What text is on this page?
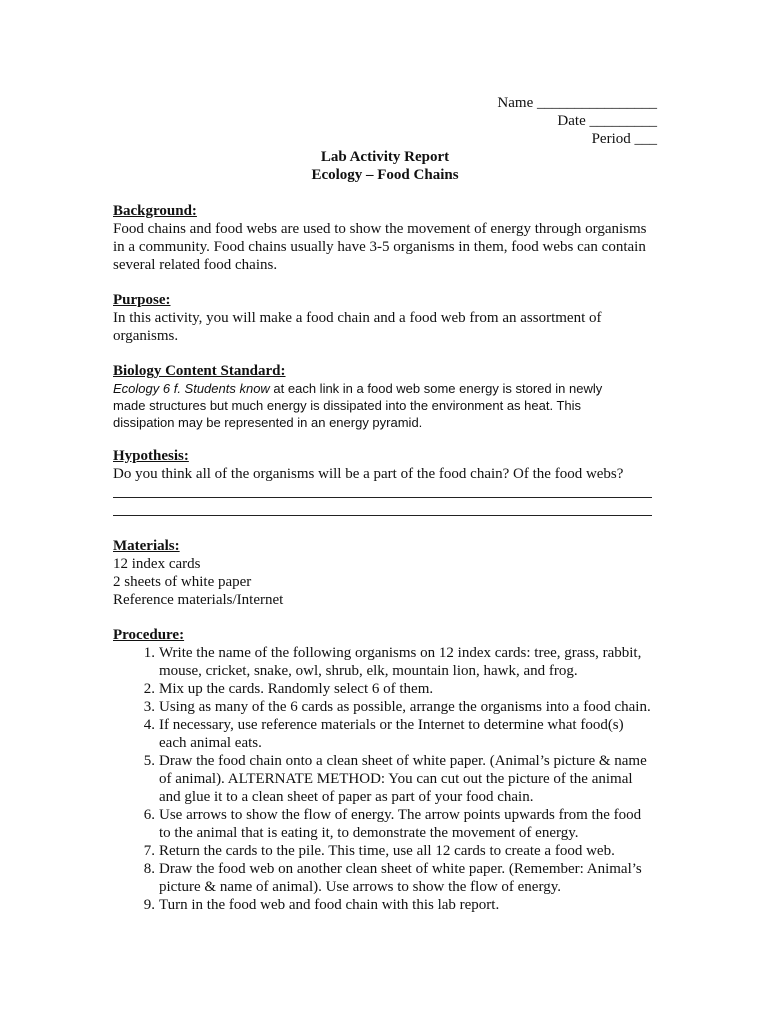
Name ________________
Date _________
Period ___
Lab Activity Report
Ecology – Food Chains
Background:
Food chains and food webs are used to show the movement of energy through organisms
in a community. Food chains usually have 3-5 organisms in them, food webs can contain
several related food chains.
Purpose:
In this activity, you will make a food chain and a food web from an assortment of
organisms.
Biology Content Standard:
Ecology 6 f. Students know at each link in a food web some energy is stored in newly
made structures but much energy is dissipated into the environment as heat. This
dissipation may be represented in an energy pyramid.
Hypothesis:
Do you think all of the organisms will be a part of the food chain? Of the food webs?
Materials:
12 index cards
2 sheets of white paper
Reference materials/Internet
Procedure:
1. Write the name of the following organisms on 12 index cards: tree, grass, rabbit,
mouse, cricket, snake, owl, shrub, elk, mountain lion, hawk, and frog.
2. Mix up the cards. Randomly select 6 of them.
3. Using as many of the 6 cards as possible, arrange the organisms into a food chain.
4. If necessary, use reference materials or the Internet to determine what food(s)
each animal eats.
5. Draw the food chain onto a clean sheet of white paper. (Animal’s picture & name
of animal). ALTERNATE METHOD: You can cut out the picture of the animal
and glue it to a clean sheet of paper as part of your food chain.
6. Use arrows to show the flow of energy. The arrow points upwards from the food
to the animal that is eating it, to demonstrate the movement of energy.
7. Return the cards to the pile. This time, use all 12 cards to create a food web.
8. Draw the food web on another clean sheet of white paper. (Remember: Animal’s
picture & name of animal). Use arrows to show the flow of energy.
9. Turn in the food web and food chain with this lab report.
